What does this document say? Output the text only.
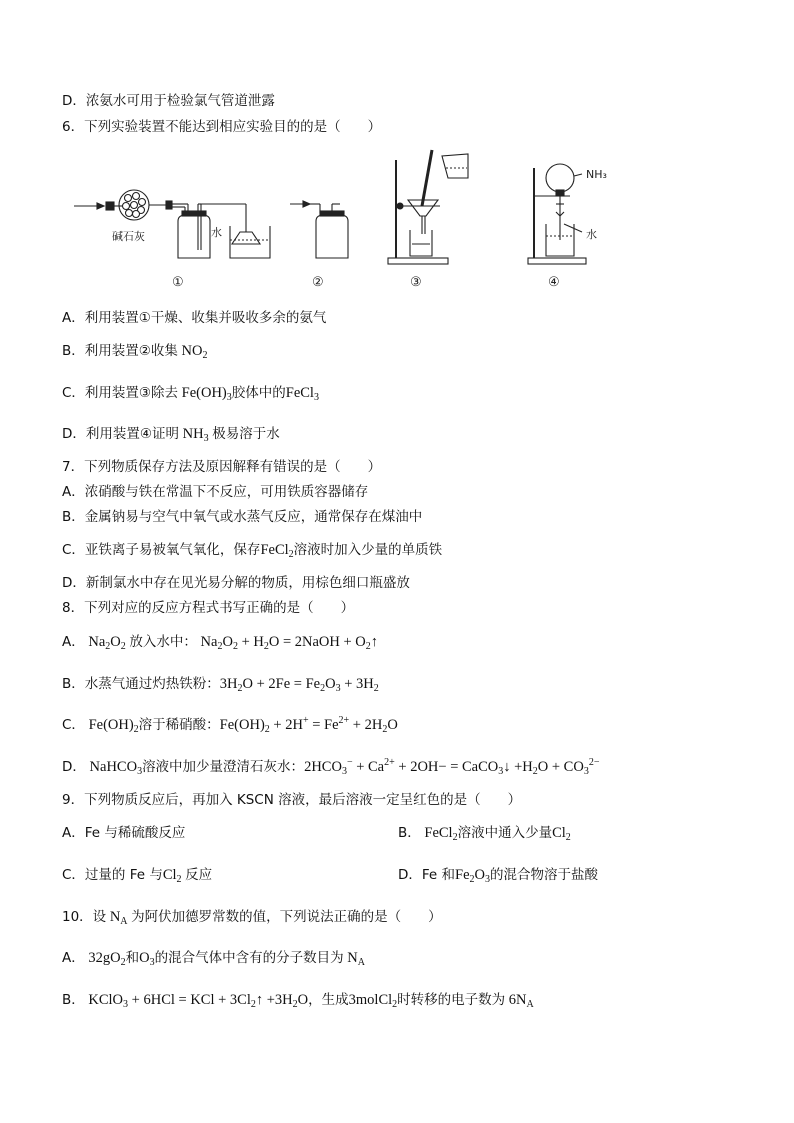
D．浓氨水可用于检验氯气管道泄露
6．下列实验装置不能达到相应实验目的的是（　　）
碱石灰	水
①	②	③
NH₃
水
④
A．利用装置①干燥、收集并吸收多余的氨气
B．利用装置②收集 $NO_2$
C．利用装置③除去 $Fe(OH)_3$胶体中的FeCl$_3$
D．利用装置④证明 $NH_3$ 极易溶于水
7．下列物质保存方法及原因解释有错误的是（　　）
A．浓硝酸与铁在常温下不反应，可用铁质容器储存
B．金属钠易与空气中氧气或水蒸气反应，通常保存在煤油中
C．亚铁离子易被氧气氧化，保存FeCl$_2$溶液时加入少量的单质铁
D．新制氯水中存在见光易分解的物质，用棕色细口瓶盛放
8．下列对应的反应方程式书写正确的是（　　）
A． $Na_2O_2$ 放入水中： $Na_2O_2 + H_2O$ = 2NaOH + $O_2↑$
B．水蒸气通过灼热铁粉：$3H_2O + 2Fe = Fe_2O_3 + 3H_2$
C． $Fe(OH)_2$溶于稀硝酸：$Fe(OH)_2 + 2H^+ = Fe^{2+} + 2H_2O$
D． NaHCO$_3$溶液中加少量澄清石灰水：$2HCO_3^- + Ca^{2+} + 2OH-$ = CaCO$_3$↓ $+H_2O + CO_3^{2-}$
9．下列物质反应后，再加入 KSCN 溶液，最后溶液一定呈红色的是（　　）
A．Fe 与稀硫酸反应	B． FeCl$_2$溶液中通入少量$Cl_2$
C．过量的 Fe 与$Cl_2$ 反应	D．Fe 和$Fe_2O_3$的混合物溶于盐酸
10．设 $N_A$ 为阿伏加德罗常数的值，下列说法正确的是（　　）
A． $32gO_2$和$O_3$的混合气体中含有的分子数目为 $N_A$
B． KClO$_3$ + 6HCl = KCl + $3Cl_2↑ +3H_2O$，生成3molCl$_2$时转移的电子数为 $6N_A$
